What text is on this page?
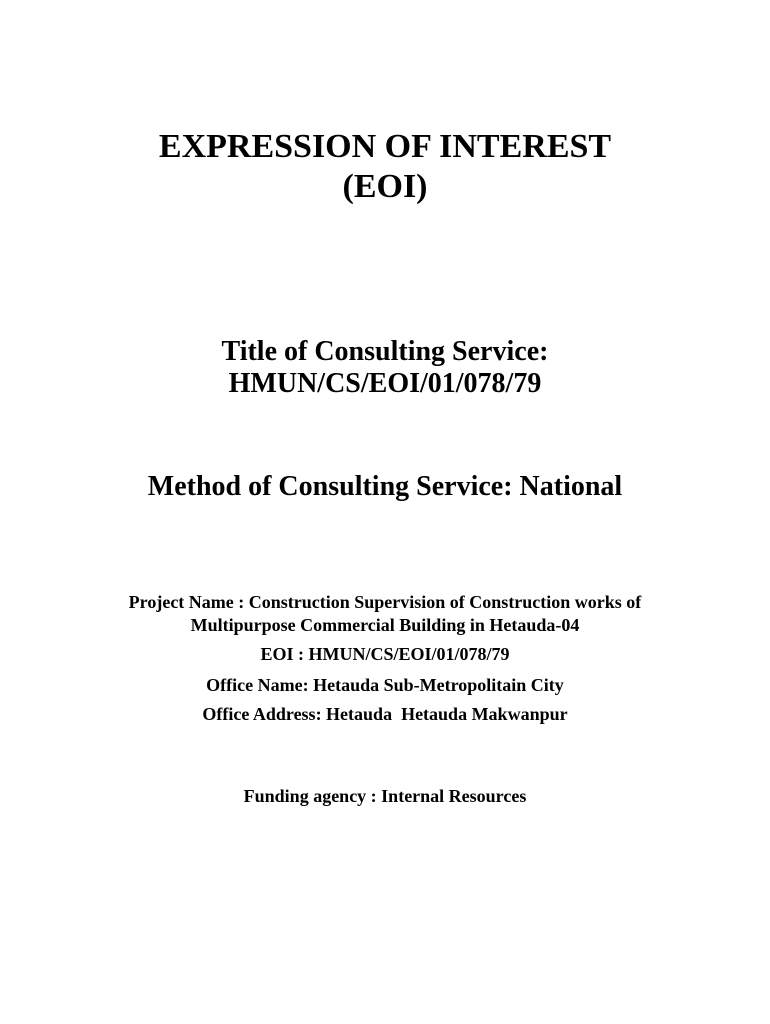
EXPRESSION OF INTEREST
(EOI)
Title of Consulting Service:
HMUN/CS/EOI/01/078/79
Method of Consulting Service: National

Project Name : Construction Supervision of Construction works of

Multipurpose Commercial Building in Hetauda-04

EOI : HMUN/CS/EOI/01/078/79

Office Name: Hetauda Sub-Metropolitain City

Office Address: Hetauda  Hetauda Makwanpur

Funding agency : Internal Resources
